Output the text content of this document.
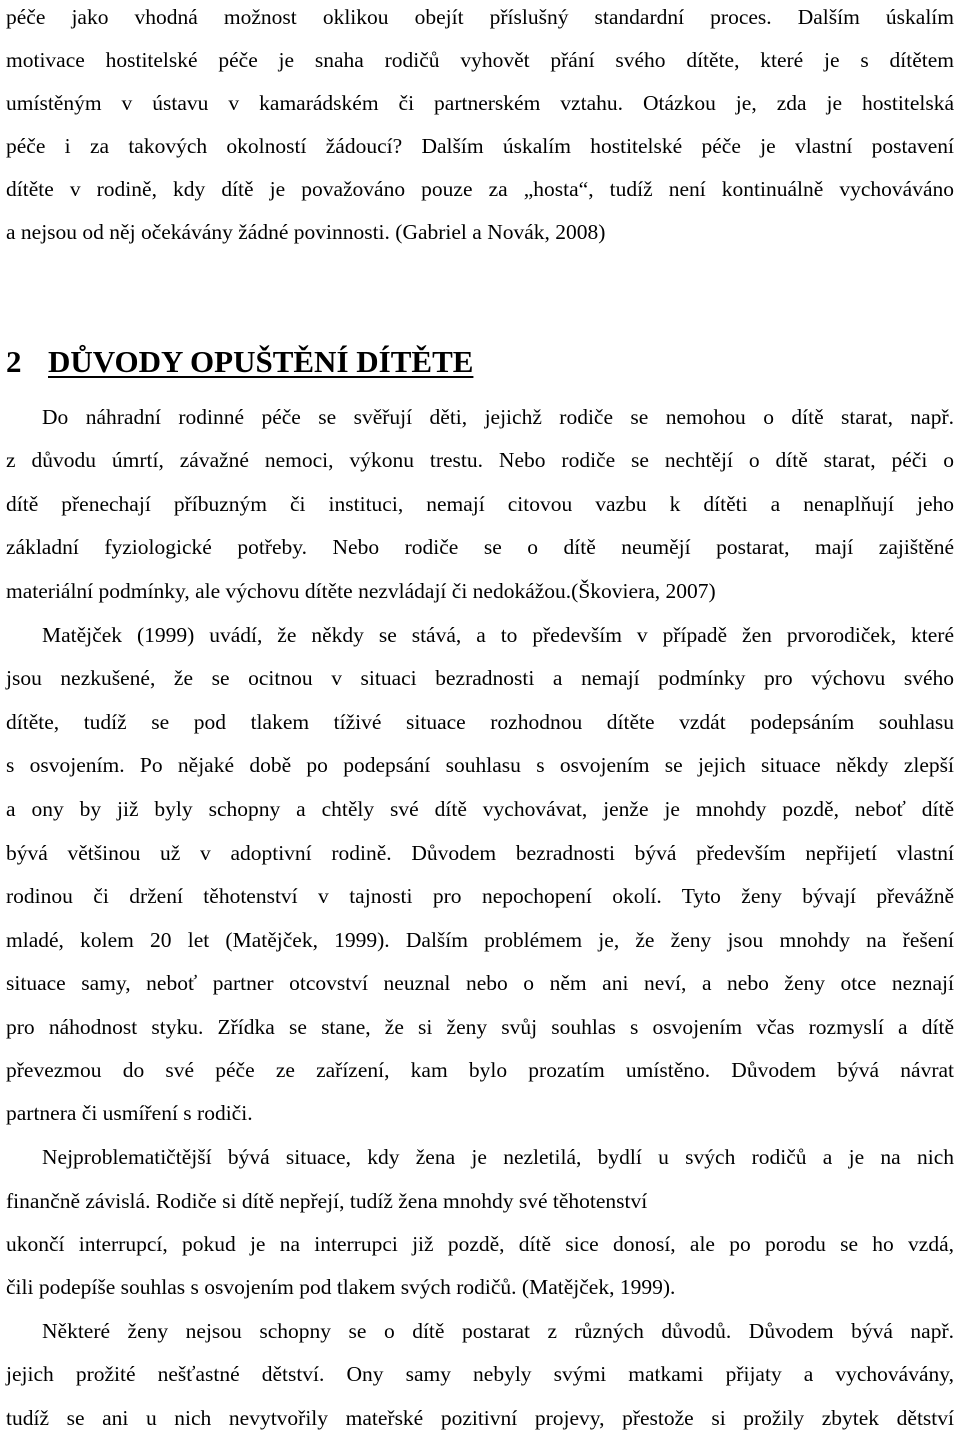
péče jako vhodná možnost oklikou obejít příslušný standardní proces. Dalším úskalím
motivace hostitelské péče je snaha rodičů vyhovět přání svého dítěte, které je s dítětem
umístěným v ústavu v kamarádském či partnerském vztahu. Otázkou je, zda je hostitelská
péče i za takových okolností žádoucí? Dalším úskalím hostitelské péče je vlastní postavení
dítěte v rodině, kdy dítě je považováno pouze za „hosta“, tudíž není kontinuálně vychováváno
a nejsou od něj očekávány žádné povinnosti. (Gabriel a Novák, 2008)
2 DŮVODY OPUŠTĚNÍ DÍTĚTE
Do náhradní rodinné péče se svěřují děti, jejichž rodiče se nemohou o dítě starat, např.
z důvodu úmrtí, závažné nemoci, výkonu trestu. Nebo rodiče se nechtějí o dítě starat, péči o
dítě přenechají příbuzným či instituci, nemají citovou vazbu k dítěti a nenaplňují jeho
základní fyziologické potřeby. Nebo rodiče se o dítě neumějí postarat, mají zajištěné
materiální podmínky, ale výchovu dítěte nezvládají či nedokážou.(Škoviera, 2007)
Matějček (1999) uvádí, že někdy se stává, a to především v případě žen prvorodiček, které
jsou nezkušené, že se ocitnou v situaci bezradnosti a nemají podmínky pro výchovu svého
dítěte, tudíž se pod tlakem tíživé situace rozhodnou dítěte vzdát podepsáním souhlasu
s osvojením. Po nějaké době po podepsání souhlasu s osvojením se jejich situace někdy zlepší
a ony by již byly schopny a chtěly své dítě vychovávat, jenže je mnohdy pozdě, neboť dítě
bývá většinou už v adoptivní rodině. Důvodem bezradnosti bývá především nepřijetí vlastní
rodinou či držení těhotenství v tajnosti pro nepochopení okolí. Tyto ženy bývají převážně
mladé, kolem 20 let (Matějček, 1999). Dalším problémem je, že ženy jsou mnohdy na řešení
situace samy, neboť partner otcovství neuznal nebo o něm ani neví, a nebo ženy otce neznají
pro náhodnost styku. Zřídka se stane, že si ženy svůj souhlas s osvojením včas rozmyslí a dítě
převezmou do své péče ze zařízení, kam bylo prozatím umístěno. Důvodem bývá návrat
partnera či usmíření s rodiči.
Nejproblematičtější bývá situace, kdy žena je nezletilá, bydlí u svých rodičů a je na nich
finančně závislá. Rodiče si dítě nepřejí, tudíž žena mnohdy své těhotenství
ukončí interrupcí, pokud je na interrupci již pozdě, dítě sice donosí, ale po porodu se ho vzdá,
čili podepíše souhlas s osvojením pod tlakem svých rodičů. (Matějček, 1999).
Některé ženy nejsou schopny se o dítě postarat z různých důvodů. Důvodem bývá např.
jejich prožité nešťastné dětství. Ony samy nebyly svými matkami přijaty a vychovávány,
tudíž se ani u nich nevytvořily mateřské pozitivní projevy, přestože si prožily zbytek dětství
